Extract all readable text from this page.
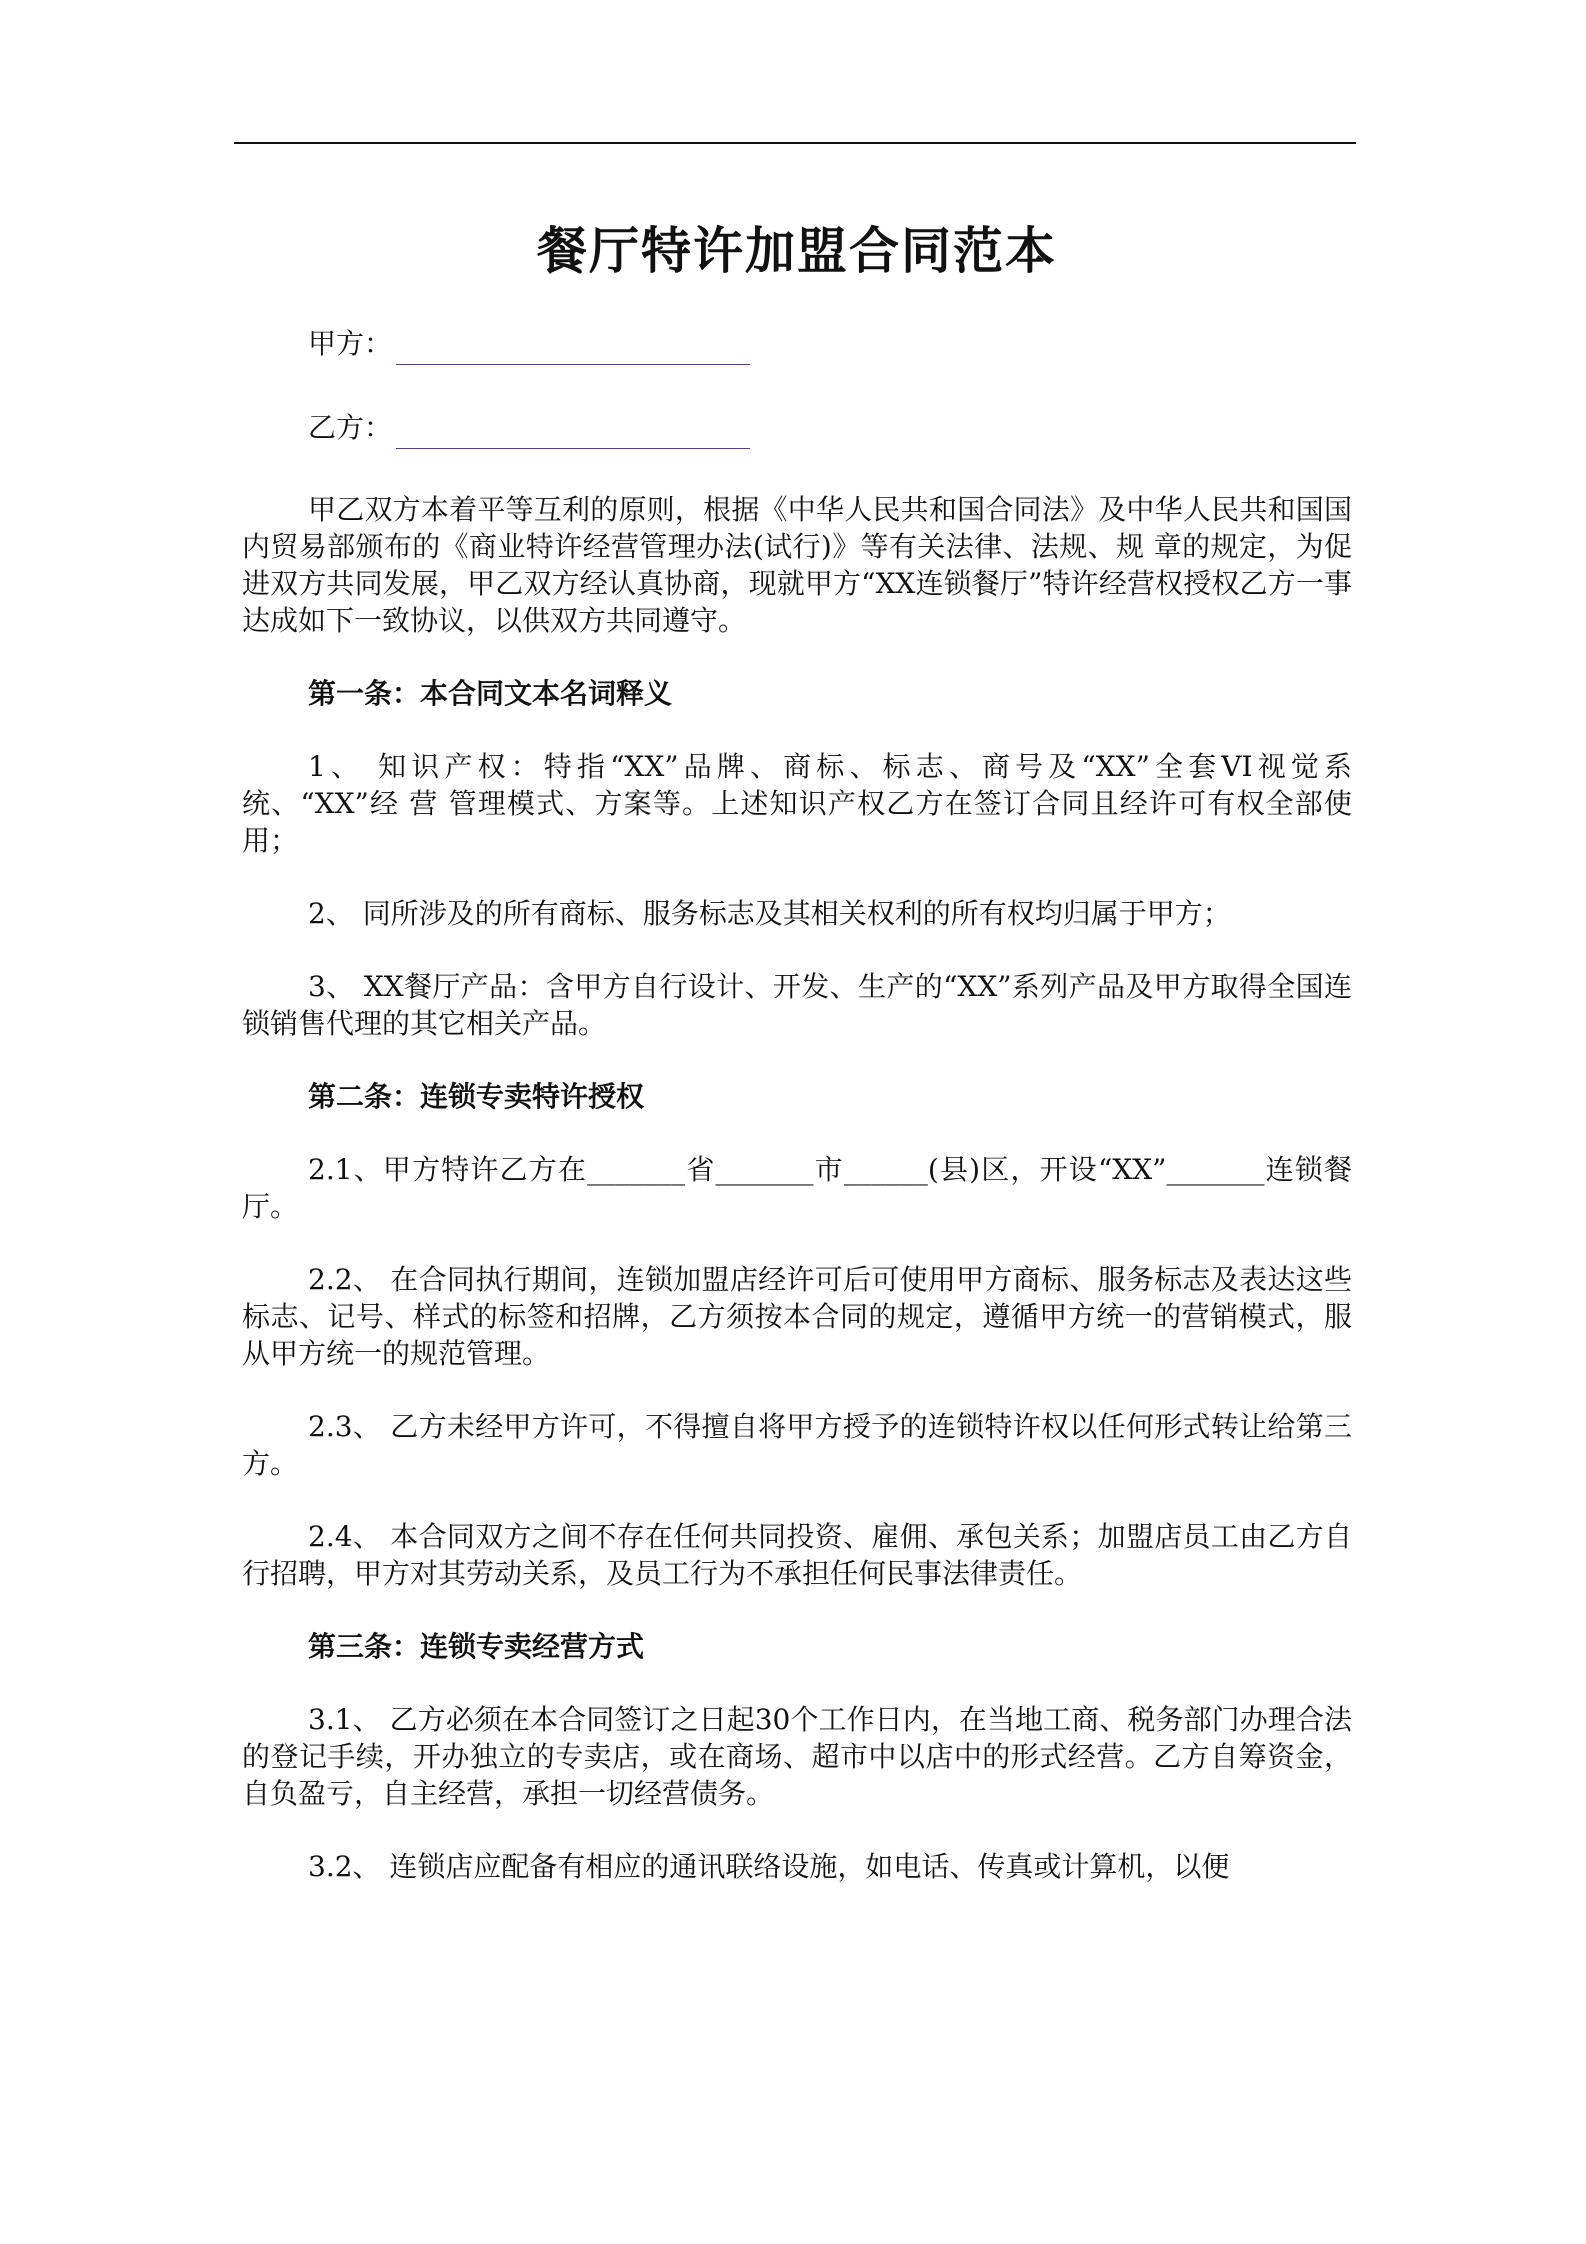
餐厅特许加盟合同范本
甲方：
乙方：

甲乙双方本着平等互利的原则，根据《中华人民共和国合同法》及中华人民共和国国内贸易部颁布的《商业特许经营管理办法(试行)》等有关法律、法规、规 章的规定，为促进双方共同发展，甲乙双方经认真协商，现就甲方“XX连锁餐厅”特许经营权授权乙方一事达成如下一致协议，以供双方共同遵守。

第一条：本合同文本名词释义

1、 知识产权：特指“XX”品牌、商标、标志、商号及“XX”全套VI视觉系统、“XX”经 营 管理模式、方案等。上述知识产权乙方在签订合同且经许可有权全部使用；

2、 同所涉及的所有商标、服务标志及其相关权利的所有权均归属于甲方；

3、 XX餐厅产品：含甲方自行设计、开发、生产的“XX”系列产品及甲方取得全国连锁销售代理的其它相关产品。

第二条：连锁专卖特许授权

2.1、甲方特许乙方在_______省_______市______(县)区，开设“XX”_______连锁餐厅。

2.2、 在合同执行期间，连锁加盟店经许可后可使用甲方商标、服务标志及表达这些标志、记号、样式的标签和招牌，乙方须按本合同的规定，遵循甲方统一的营销模式，服从甲方统一的规范管理。

2.3、 乙方未经甲方许可，不得擅自将甲方授予的连锁特许权以任何形式转让给第三方。

2.4、 本合同双方之间不存在任何共同投资、雇佣、承包关系；加盟店员工由乙方自行招聘，甲方对其劳动关系，及员工行为不承担任何民事法律责任。

第三条：连锁专卖经营方式

3.1、 乙方必须在本合同签订之日起30个工作日内，在当地工商、税务部门办理合法的登记手续，开办独立的专卖店，或在商场、超市中以店中的形式经营。乙方自筹资金，自负盈亏，自主经营，承担一切经营债务。

3.2、 连锁店应配备有相应的通讯联络设施，如电话、传真或计算机，以便
